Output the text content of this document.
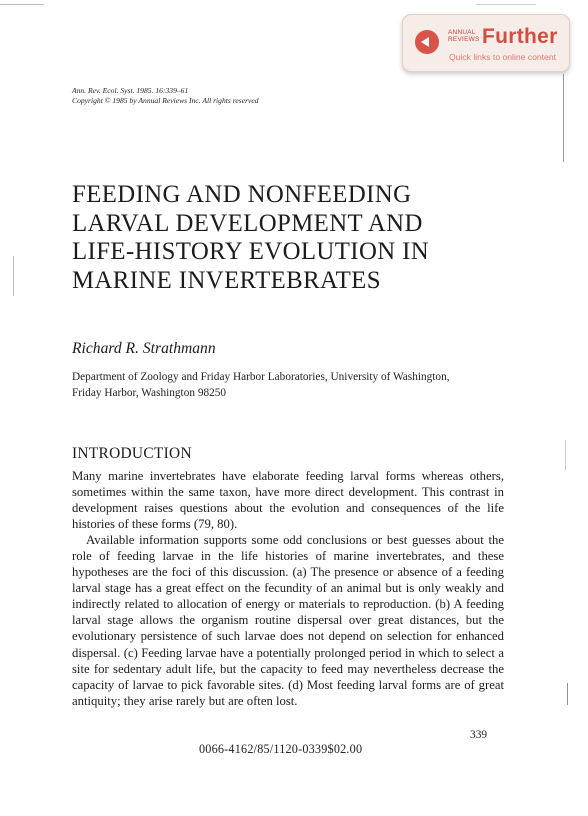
ANNUAL
REVIEWS Further
Quick links to online content
Ann. Rev. Ecol. Syst. 1985. 16:339–61
Copyright © 1985 by Annual Reviews Inc. All rights reserved
FEEDING AND NONFEEDING
LARVAL DEVELOPMENT AND
LIFE-HISTORY EVOLUTION IN
MARINE INVERTEBRATES
Richard R. Strathmann
Department of Zoology and Friday Harbor Laboratories, University of Washington,
Friday Harbor, Washington 98250
INTRODUCTION

Many marine invertebrates have elaborate feeding larval forms whereas others, sometimes within the same taxon, have more direct development. This contrast in development raises questions about the evolution and consequences of the life histories of these forms (79, 80).

Available information supports some odd conclusions or best guesses about the role of feeding larvae in the life histories of marine invertebrates, and these hypotheses are the foci of this discussion. (a) The presence or absence of a feeding larval stage has a great effect on the fecundity of an animal but is only weakly and indirectly related to allocation of energy or materials to reproduction. (b) A feeding larval stage allows the organism routine dispersal over great distances, but the evolutionary persistence of such larvae does not depend on selection for enhanced dispersal. (c) Feeding larvae have a potentially prolonged period in which to select a site for sedentary adult life, but the capacity to feed may nevertheless decrease the capacity of larvae to pick favorable sites. (d) Most feeding larval forms are of great antiquity; they arise rarely but are often lost.

339
0066-4162/85/1120-0339$02.00
